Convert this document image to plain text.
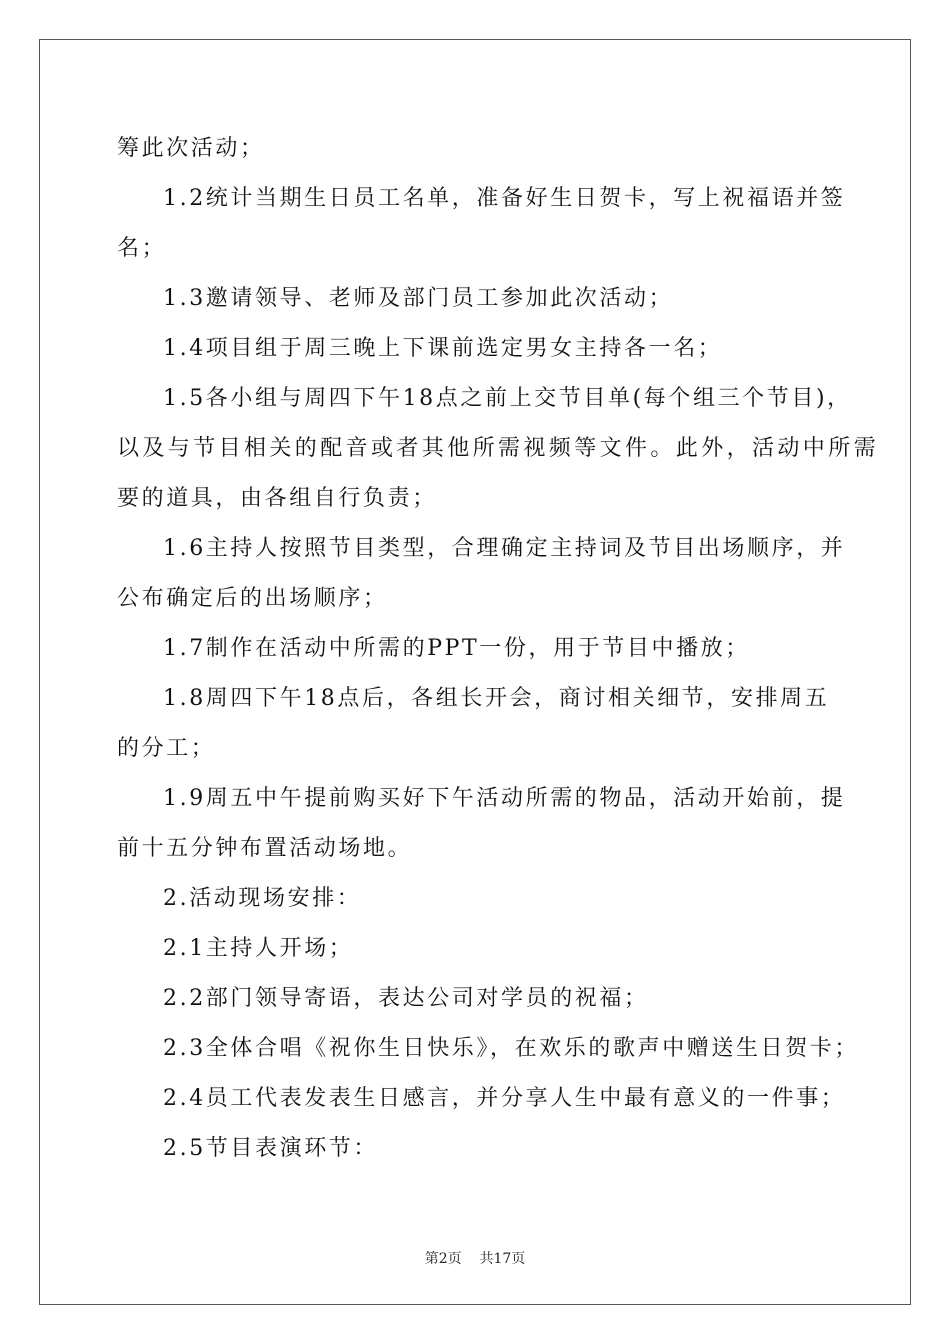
筹此次活动；
1.2统计当期生日员工名单，准备好生日贺卡，写上祝福语并签
名；
1.3邀请领导、老师及部门员工参加此次活动；
1.4项目组于周三晚上下课前选定男女主持各一名；
1.5各小组与周四下午18点之前上交节目单(每个组三个节目)，
以及与节目相关的配音或者其他所需视频等文件。此外，活动中所需
要的道具，由各组自行负责；
1.6主持人按照节目类型，合理确定主持词及节目出场顺序，并
公布确定后的出场顺序；
1.7制作在活动中所需的PPT一份，用于节目中播放；
1.8周四下午18点后，各组长开会，商讨相关细节，安排周五
的分工；
1.9周五中午提前购买好下午活动所需的物品，活动开始前，提
前十五分钟布置活动场地。
2.活动现场安排：
2.1主持人开场；
2.2部门领导寄语，表达公司对学员的祝福；
2.3全体合唱《祝你生日快乐》，在欢乐的歌声中赠送生日贺卡；
2.4员工代表发表生日感言，并分享人生中最有意义的一件事；
2.5节目表演环节：
第2页    共17页
